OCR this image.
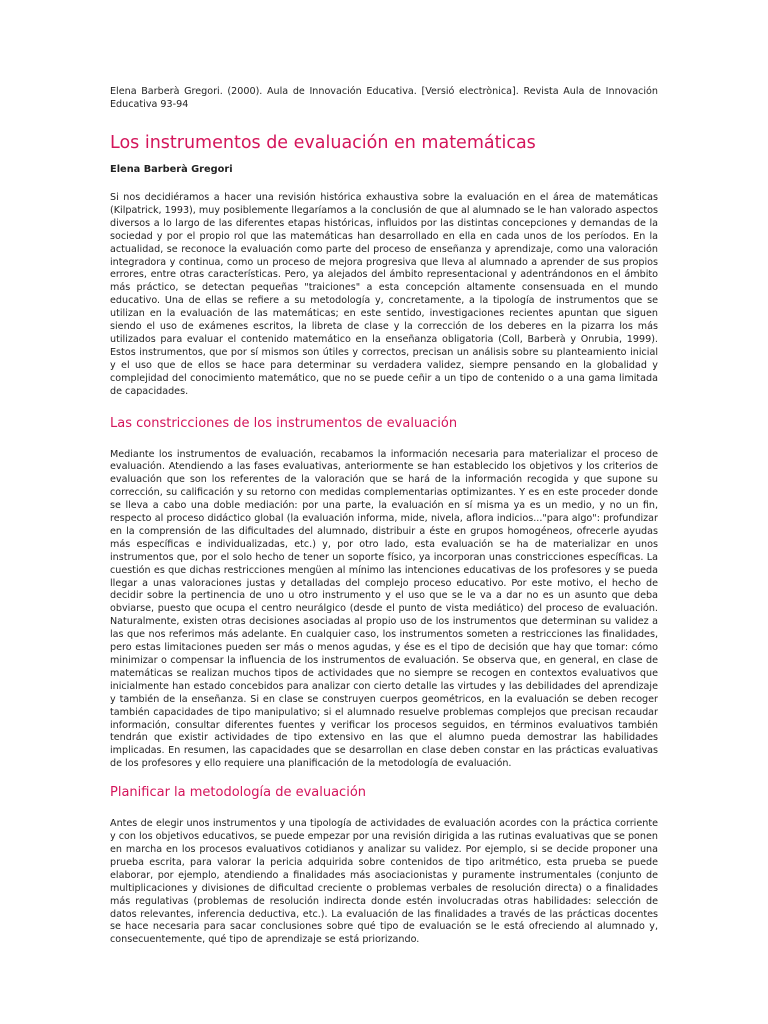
Elena Barberà Gregori. (2000). Aula de Innovación Educativa. [Versió electrònica]. Revista Aula de Innovación Educativa 93-94

Los instrumentos de evaluación en matemáticas

Elena Barberà Gregori

Si nos decidiéramos a hacer una revisión histórica exhaustiva sobre la evaluación en el área de matemáticas (Kilpatrick, 1993), muy posiblemente llegaríamos a la conclusión de que al alumnado se le han valorado aspectos diversos a lo largo de las diferentes etapas históricas, influidos por las distintas concepciones y demandas de la sociedad y por el propio rol que las matemáticas han desarrollado en ella en cada unos de los períodos. En la actualidad, se reconoce la evaluación como parte del proceso de enseñanza y aprendizaje, como una valoración integradora y continua, como un proceso de mejora progresiva que lleva al alumnado a aprender de sus propios errores, entre otras características. Pero, ya alejados del ámbito representacional y adentrándonos en el ámbito más práctico, se detectan pequeñas "traiciones" a esta concepción altamente consensuada en el mundo educativo. Una de ellas se refiere a su metodología y, concretamente, a la tipología de instrumentos que se utilizan en la evaluación de las matemáticas; en este sentido, investigaciones recientes apuntan que siguen siendo el uso de exámenes escritos, la libreta de clase y la corrección de los deberes en la pizarra los más utilizados para evaluar el contenido matemático en la enseñanza obligatoria (Coll, Barberà y Onrubia, 1999). Estos instrumentos, que por sí mismos son útiles y correctos, precisan un análisis sobre su planteamiento inicial y el uso que de ellos se hace para determinar su verdadera validez, siempre pensando en la globalidad y complejidad del conocimiento matemático, que no se puede ceñir a un tipo de contenido o a una gama limitada de capacidades.

Las constricciones de los instrumentos de evaluación

Mediante los instrumentos de evaluación, recabamos la información necesaria para materializar el proceso de evaluación. Atendiendo a las fases evaluativas, anteriormente se han establecido los objetivos y los criterios de evaluación que son los referentes de la valoración que se hará de la información recogida y que supone su corrección, su calificación y su retorno con medidas complementarias optimizantes. Y es en este proceder donde se lleva a cabo una doble mediación: por una parte, la evaluación en sí misma ya es un medio, y no un fin, respecto al proceso didáctico global (la evaluación informa, mide, nivela, aflora indicios..."para algo": profundizar en la comprensión de las dificultades del alumnado, distribuir a éste en grupos homogéneos, ofrecerle ayudas más específicas e individualizadas, etc.) y, por otro lado, esta evaluación se ha de materializar en unos instrumentos que, por el solo hecho de tener un soporte físico, ya incorporan unas constricciones específicas. La cuestión es que dichas restricciones mengüen al mínimo las intenciones educativas de los profesores y se pueda llegar a unas valoraciones justas y detalladas del complejo proceso educativo. Por este motivo, el hecho de decidir sobre la pertinencia de uno u otro instrumento y el uso que se le va a dar no es un asunto que deba obviarse, puesto que ocupa el centro neurálgico (desde el punto de vista mediático) del proceso de evaluación. Naturalmente, existen otras decisiones asociadas al propio uso de los instrumentos que determinan su validez a las que nos referimos más adelante. En cualquier caso, los instrumentos someten a restricciones las finalidades, pero estas limitaciones pueden ser más o menos agudas, y ése es el tipo de decisión que hay que tomar: cómo minimizar o compensar la influencia de los instrumentos de evaluación. Se observa que, en general, en clase de matemáticas se realizan muchos tipos de actividades que no siempre se recogen en contextos evaluativos que inicialmente han estado concebidos para analizar con cierto detalle las virtudes y las debilidades del aprendizaje y también de la enseñanza. Si en clase se construyen cuerpos geométricos, en la evaluación se deben recoger también capacidades de tipo manipulativo; si el alumnado resuelve problemas complejos que precisan recaudar información, consultar diferentes fuentes y verificar los procesos seguidos, en términos evaluativos también tendrán que existir actividades de tipo extensivo en las que el alumno pueda demostrar las habilidades implicadas. En resumen, las capacidades que se desarrollan en clase deben constar en las prácticas evaluativas de los profesores y ello requiere una planificación de la metodología de evaluación.

Planificar la metodología de evaluación

Antes de elegir unos instrumentos y una tipología de actividades de evaluación acordes con la práctica corriente y con los objetivos educativos, se puede empezar por una revisión dirigida a las rutinas evaluativas que se ponen en marcha en los procesos evaluativos cotidianos y analizar su validez. Por ejemplo, si se decide proponer una prueba escrita, para valorar la pericia adquirida sobre contenidos de tipo aritmético, esta prueba se puede elaborar, por ejemplo, atendiendo a finalidades más asociacionistas y puramente instrumentales (conjunto de multiplicaciones y divisiones de dificultad creciente o problemas verbales de resolución directa) o a finalidades más regulativas (problemas de resolución indirecta donde estén involucradas otras habilidades: selección de datos relevantes, inferencia deductiva, etc.). La evaluación de las finalidades a través de las prácticas docentes se hace necesaria para sacar conclusiones sobre qué tipo de evaluación se le está ofreciendo al alumnado y, consecuentemente, qué tipo de aprendizaje se está priorizando.
